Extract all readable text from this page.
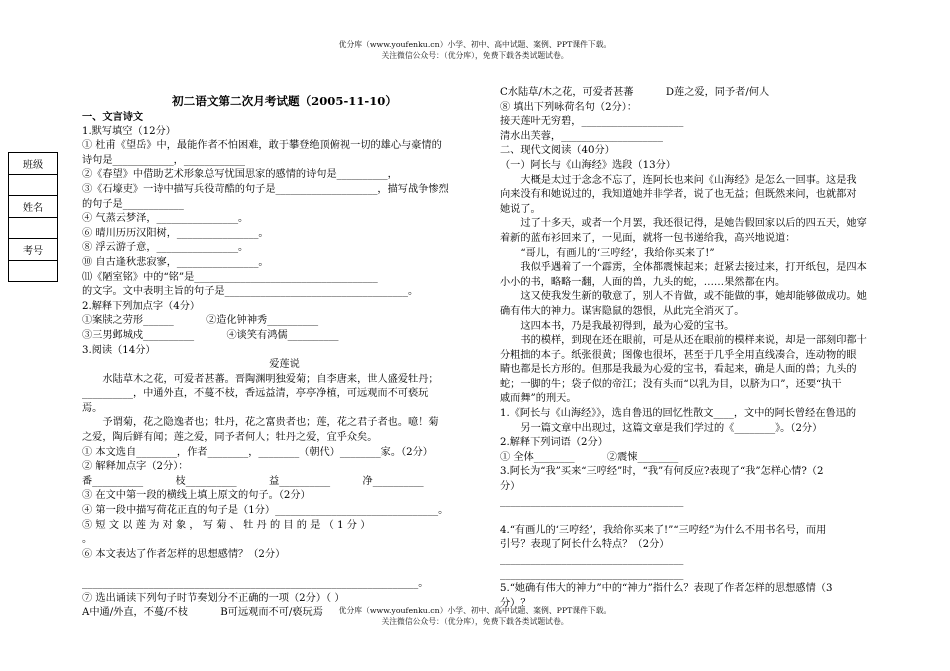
优分库（www.youfenku.cn）小学、初中、高中试题、案例、PPT课件下载。
关注微信公众号：（优分库），免费下载各类试题试卷。
班级

姓名

考号

初二语文第二次月考试题（2005-11-10）
一、文言诗文
1.默写填空（12分）
① 杜甫《望岳》中，最能作者不怕困难，敢于攀登绝顶俯视一切的雄心与豪情的
诗句是____________，____________
②《春望》中借助艺术形象总写忧国思家的感情的诗句是__________，
③《石壕吏》一诗中描写兵役苛酷的句子是____________________，描写战争惨烈
的句子是____________
④ 气蒸云梦泽，________________。
⑥ 晴川历历汉阳树，________________。
⑧ 浮云游子意，________________。
⑩ 自古逢秋悲寂寥，________________。
⑾《陋室铭》中的“铭”是____________________________________
的文字。文中表明主旨的句子是____________________________________。
2.解释下列加点字（4分）
①案牍之劳形______          ②造化钟神秀__________
③三男邺城戍__________          ④谈笑有鸿儒__________
3.阅读（14分）
爱莲说
水陆草木之花，可爱者甚蕃。晋陶渊明独爱菊；自李唐来，世人盛爱牡丹；
__________，中通外直，不蔓不枝，香远益清，亭亭净植，可远观而不可亵玩
焉。
予谓菊，花之隐逸者也；牡丹，花之富贵者也；莲，花之君子者也。噫！菊
之爱，陶后鲜有闻；莲之爱，同予者何人；牡丹之爱，宜乎众矣。
① 本文选自________，作者________，________（朝代）________家。（2分）
② 解释加点字（2分）：
番__________          枝__________          益__________          净__________
③ 在文中第一段的横线上填上原文的句子。（2分）
④ 第一段中描写荷花正直的句子是（1分）________________________________。
⑤ 短 文 以 莲 为 对 象 ， 写 菊 、 牡 丹 的 目 的 是 （ 1 分 ）
。
⑥ 本文表达了作者怎样的思想感情？（2分）
__________________________________________________________________。
⑦ 选出诵读下列句子时节奏划分不正确的一项（2分）（ ）
A中通/外直，不蔓/不枝          B可远观而不可/亵玩焉
C水陆草/木之花，可爱者甚蕃          D莲之爱，同予者/何人
⑧ 填出下列咏荷名句（2分）：
接天莲叶无穷碧，____________________
清水出芙蓉，____________________
二、现代文阅读（40分）
（一）阿长与《山海经》选段（13分）
大概是太过于念念不忘了，连阿长也来问《山海经》是怎么一回事。这是我
向来没有和她说过的，我知道她并非学者，说了也无益；但既然来问，也就都对
她说了。
过了十多天，或者一个月罢，我还很记得，是她告假回家以后的四五天，她穿
着新的蓝布衫回来了，一见面，就将一包书递给我，高兴地说道：
“哥儿，有画儿的‘三哼经’，我给你买来了!”
我似乎遇着了一个霹雳，全体都震悚起来；赶紧去接过来，打开纸包，是四本
小小的书，略略一翻，人面的兽，九头的蛇，……果然都在内。
这又使我发生新的敬意了，别人不肯做，或不能做的事，她却能够做成功。她
确有伟大的神力。谋害隐鼠的怨恨，从此完全消灭了。
这四本书，乃是我最初得到，最为心爱的宝书。
书的模样，到现在还在眼前，可是从还在眼前的模样来说，却是一部刻印都十
分粗拙的本子。纸张很黄；图像也很坏，甚至于几乎全用直线凑合，连动物的眼
睛也都是长方形的。但那是我最为心爱的宝书，看起来，确是人面的兽；九头的
蛇；一脚的牛；袋子似的帝江；没有头而“以乳为目，以脐为口”，还要“执干
戚而舞”的刑天。
1.《阿长与《山海经》》，选自鲁迅的回忆性散文____，文中的阿长曾经在鲁迅的
另一篇文章中出现过，这篇文章是我们学过的《________》。（2分）
2.解释下列词语（2分）
① 全体________          ②震悚________
3.阿长为“我”买来“三哼经”时，“我”有何反应?表现了“我”怎样心情?（2
分）
____________________________________
4.“有画儿的‘三哼经’，我给你买来了!”“三哼经”为什么不用书名号，而用
引号？表现了阿长什么特点？（2分）
____________________________________
____________________________________
5.“她确有伟大的神力”中的“神力”指什么？表现了作者怎样的思想感情（3
分）？
优分库（www.youfenku.cn）小学、初中、高中试题、案例、PPT课件下载。
关注微信公众号：（优分库），免费下载各类试题试卷。
